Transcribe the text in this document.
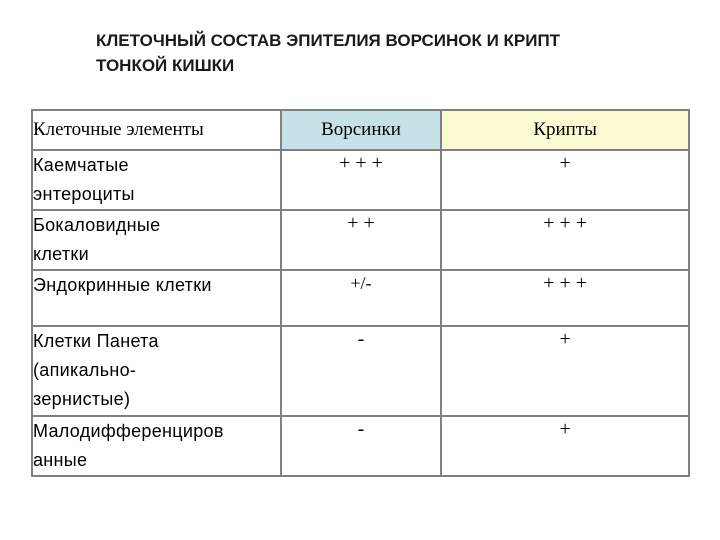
КЛЕТОЧНЫЙ СОСТАВ ЭПИТЕЛИЯ ВОРСИНОК И КРИПТ
ТОНКОЙ КИШКИ
Клеточные элементы	Ворсинки	Крипты

Каемчатые
энтероциты	+ + +	+

Бокаловидные
клетки	+ +	+ + +

Эндокринные клетки	+/-	+ + +

Клетки Панета
(апикально-
зернистые)	-	+

Малодифференциров
анные	-	+
